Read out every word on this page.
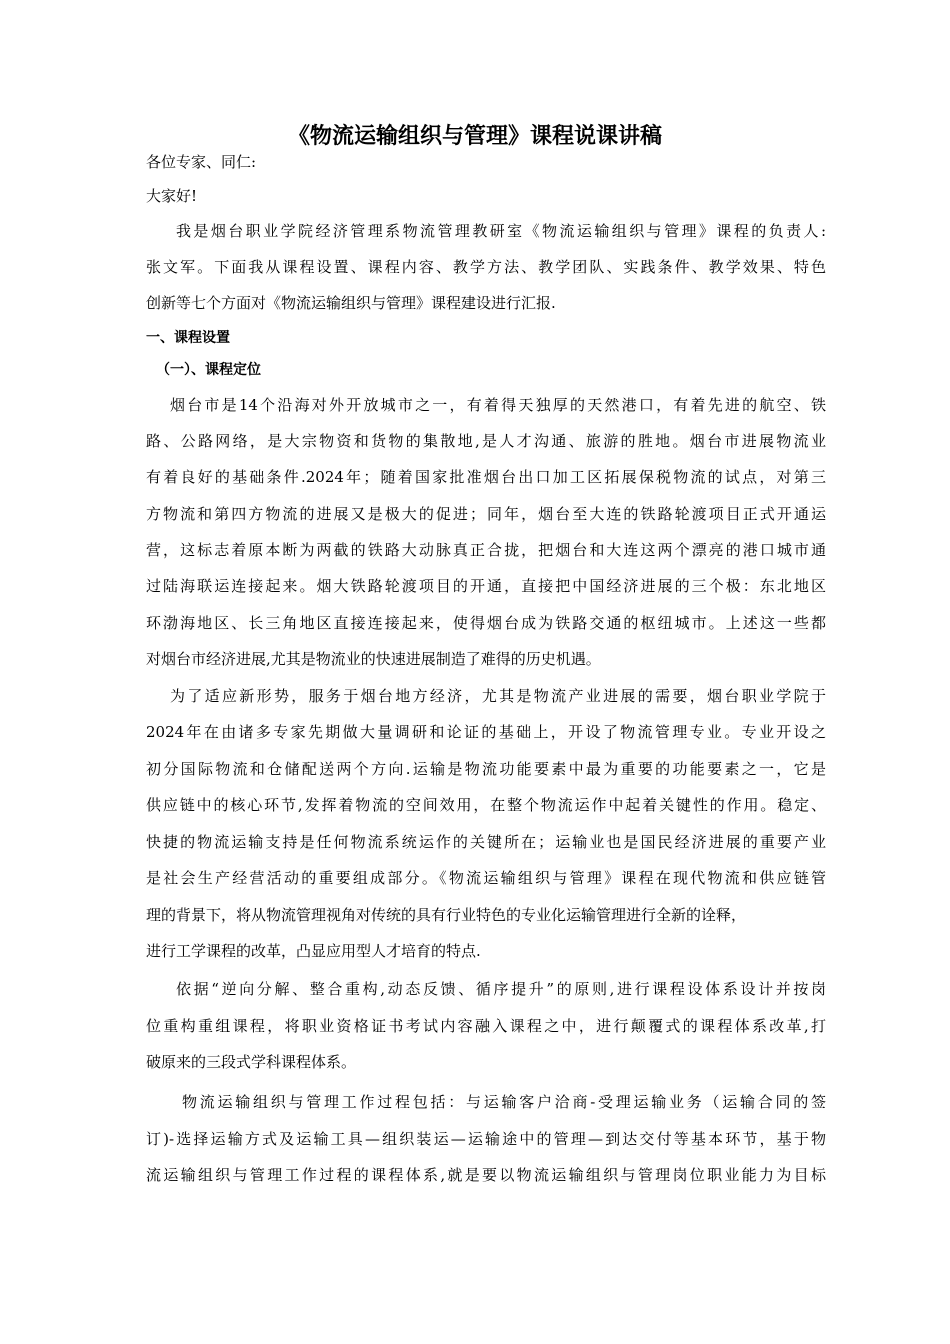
《物流运输组织与管理》课程说课讲稿
各位专家、同仁:
大家好!
我是烟台职业学院经济管理系物流管理教研室《物流运输组织与管理》课程的负责人:
张文军。下面我从课程设置、课程内容、教学方法、教学团队、实践条件、教学效果、特色
创新等七个方面对《物流运输组织与管理》课程建设进行汇报.
一、课程设置
（一）、课程定位
烟台市是14个沿海对外开放城市之一，有着得天独厚的天然港口，有着先进的航空、铁
路、公路网络，是大宗物资和货物的集散地,是人才沟通、旅游的胜地。烟台市进展物流业
有着良好的基础条件.2024年；随着国家批准烟台出口加工区拓展保税物流的试点，对第三
方物流和第四方物流的进展又是极大的促进；同年，烟台至大连的铁路轮渡项目正式开通运
营，这标志着原本断为两截的铁路大动脉真正合拢，把烟台和大连这两个漂亮的港口城市通
过陆海联运连接起来。烟大铁路轮渡项目的开通，直接把中国经济进展的三个极：东北地区
环渤海地区、长三角地区直接连接起来，使得烟台成为铁路交通的枢纽城市。上述这一些都
对烟台市经济进展,尤其是物流业的快速进展制造了难得的历史机遇。
为了适应新形势，服务于烟台地方经济，尤其是物流产业进展的需要，烟台职业学院于
2024年在由诸多专家先期做大量调研和论证的基础上，开设了物流管理专业。专业开设之
初分国际物流和仓储配送两个方向.运输是物流功能要素中最为重要的功能要素之一，它是
供应链中的核心环节,发挥着物流的空间效用，在整个物流运作中起着关键性的作用。稳定、
快捷的物流运输支持是任何物流系统运作的关键所在；运输业也是国民经济进展的重要产业
是社会生产经营活动的重要组成部分。《物流运输组织与管理》课程在现代物流和供应链管
理的背景下，将从物流管理视角对传统的具有行业特色的专业化运输管理进行全新的诠释，
进行工学课程的改革，凸显应用型人才培育的特点.
依据“逆向分解、整合重构,动态反馈、循序提升”的原则,进行课程设体系设计并按岗
位重构重组课程，将职业资格证书考试内容融入课程之中，进行颠覆式的课程体系改革,打
破原来的三段式学科课程体系。
物流运输组织与管理工作过程包括：与运输客户洽商-受理运输业务（运输合同的签
订)-选择运输方式及运输工具—组织装运—运输途中的管理—到达交付等基本环节，基于物
流运输组织与管理工作过程的课程体系,就是要以物流运输组织与管理岗位职业能力为目标
